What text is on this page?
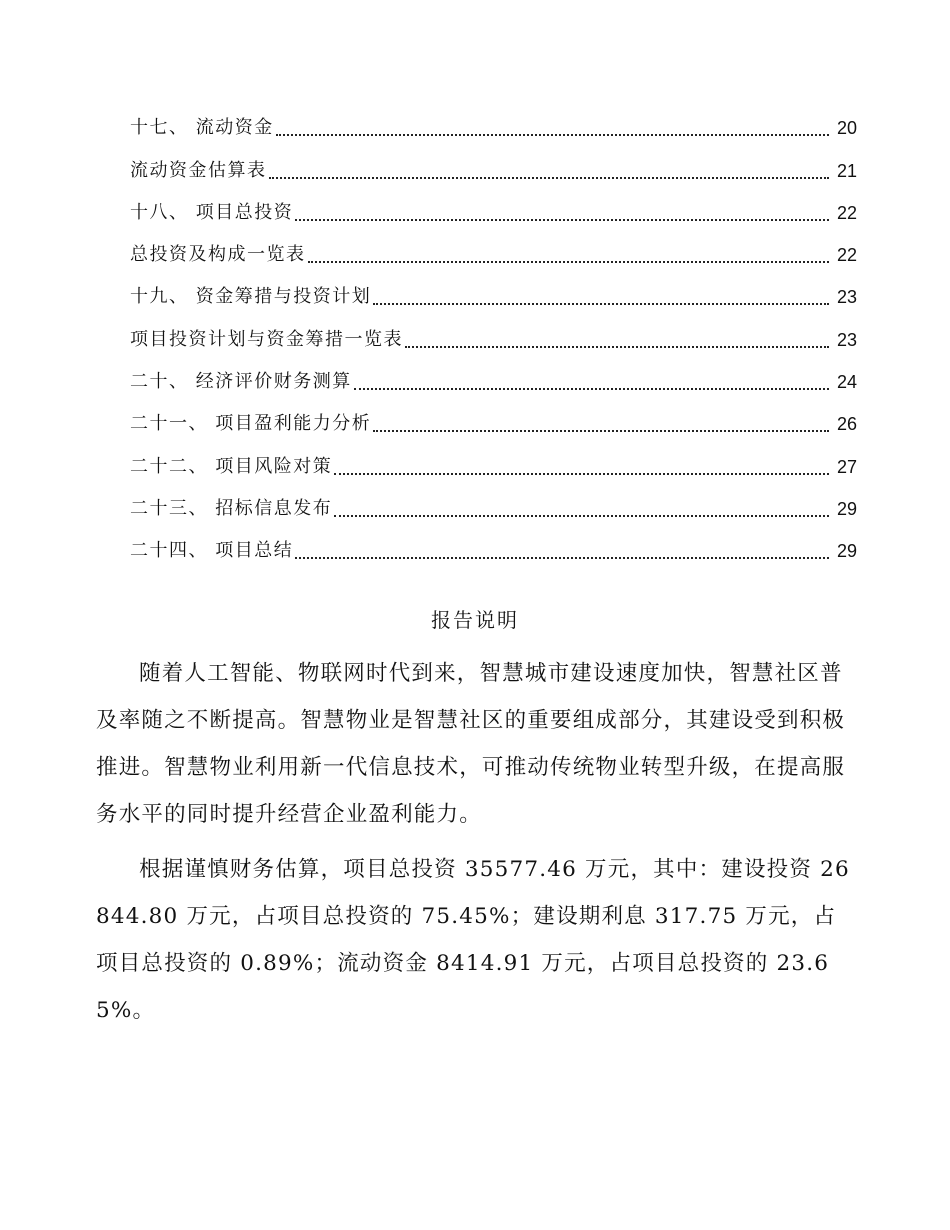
十七、 流动资金	20
流动资金估算表	21
十八、 项目总投资	22
总投资及构成一览表	22
十九、 资金筹措与投资计划	23
项目投资计划与资金筹措一览表	23
二十、 经济评价财务测算	24
二十一、 项目盈利能力分析	26
二十二、 项目风险对策	27
二十三、 招标信息发布	29
二十四、 项目总结	29
报告说明

随着人工智能、物联网时代到来，智慧城市建设速度加快，智慧社区普及率随之不断提高。智慧物业是智慧社区的重要组成部分，其建设受到积极推进。智慧物业利用新一代信息技术，可推动传统物业转型升级，在提高服务水平的同时提升经营企业盈利能力。

根据谨慎财务估算，项目总投资 35577.46 万元，其中：建设投资 26844.80 万元，占项目总投资的 75.45%；建设期利息 317.75 万元，占项目总投资的 0.89%；流动资金 8414.91 万元，占项目总投资的 23.65%。
